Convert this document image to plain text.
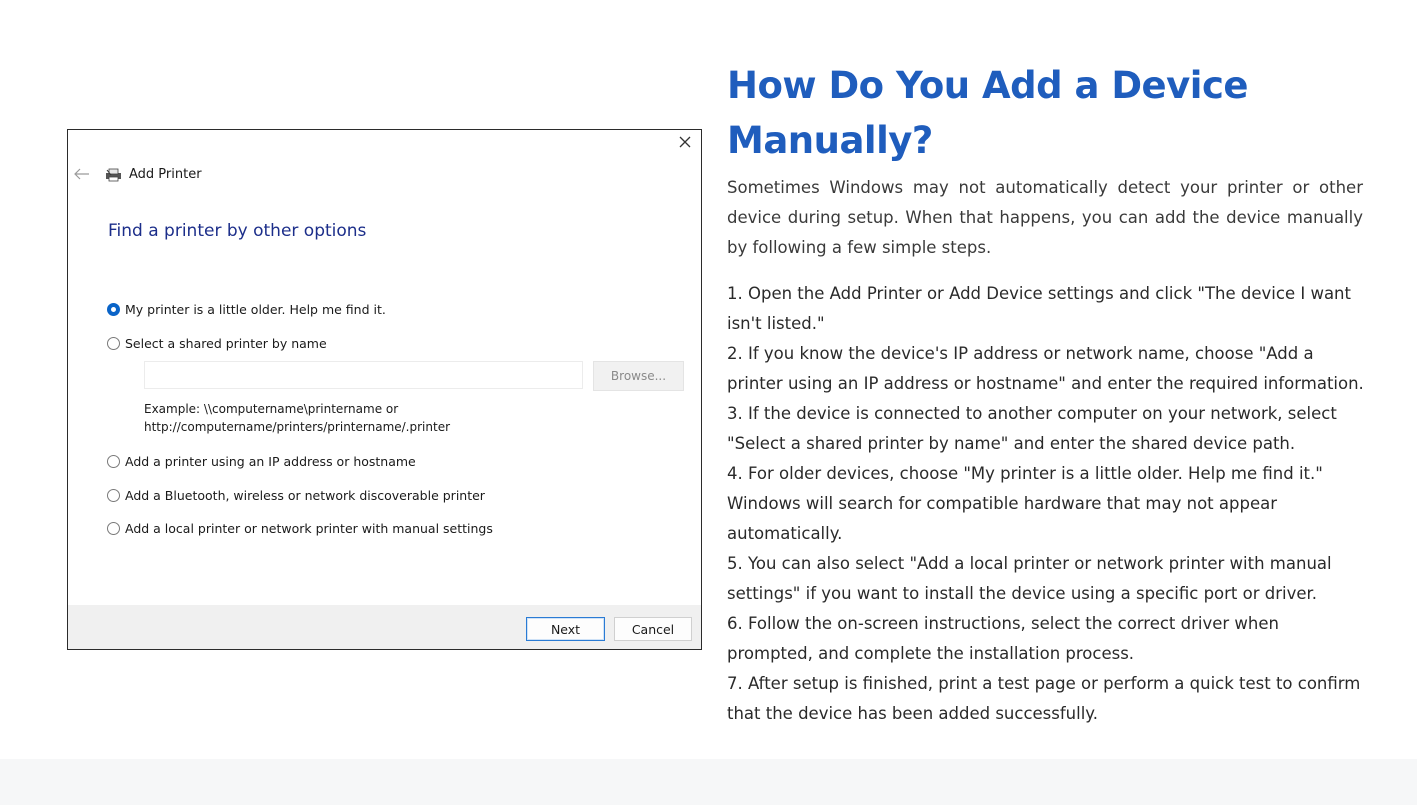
Add Printer
Find a printer by other options
My printer is a little older. Help me find it.
Select a shared printer by name
Browse...
Example: \\computername\printername or
http://computername/printers/printername/.printer
Add a printer using an IP address or hostname
Add a Bluetooth, wireless or network discoverable printer
Add a local printer or network printer with manual settings
Next	Cancel
How Do You Add a Device Manually?

Sometimes Windows may not automatically detect your printer or other device during setup. When that happens, you can add the device manually by following a few simple steps.

1. Open the Add Printer or Add Device settings and click "The device I want isn't listed."
2. If you know the device's IP address or network name, choose "Add a printer using an IP address or hostname" and enter the required information.
3. If the device is connected to another computer on your network, select "Select a shared printer by name" and enter the shared device path.
4. For older devices, choose "My printer is a little older. Help me find it." Windows will search for compatible hardware that may not appear automatically.
5. You can also select "Add a local printer or network printer with manual settings" if you want to install the device using a specific port or driver.
6. Follow the on-screen instructions, select the correct driver when prompted, and complete the installation process.
7. After setup is finished, print a test page or perform a quick test to confirm that the device has been added successfully.
